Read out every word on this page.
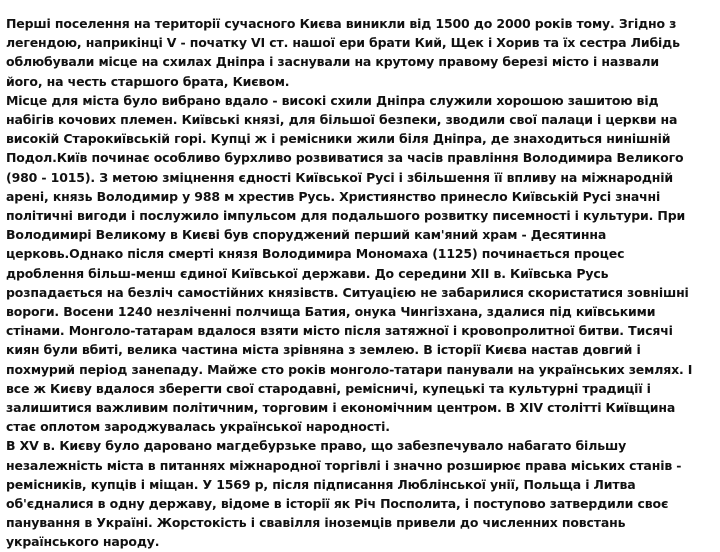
Перші поселення на території сучасного Києва виникли від 1500 до 2000 років тому. Згідно з легендою, наприкінці V - початку VI ст. нашої ери брати Кий, Щек і Хорив та їх сестра Либідь облюбували місце на схилах Дніпра і заснували на крутому правому березі місто і назвали його, на честь старшого брата, Києвом.

Місце для міста було вибрано вдало - високі схили Дніпра служили хорошою зашитою від набігів кочових племен. Київські князі, для більшої безпеки, зводили свої палаци і церкви на високій Старокиївській горі. Купці ж і ремісники жили біля Дніпра, де знаходиться нинішній Подол.Київ починає особливо бурхливо розвиватися за часів правління Володимира Великого (980 - 1015). З метою зміцнення єдності Київської Русі і збільшення її впливу на міжнародній арені, князь Володимир у 988 м хрестив Русь. Християнство принесло Київській Русі значні політичні вигоди і послужило імпульсом для подальшого розвитку писемності і культури. При Володимирі Великому в Києві був споруджений перший кам'яний храм - Десятинна церковь.Однако після смерті князя Володимира Мономаха (1125) починається процес дроблення більш-менш єдиної Київської держави. До середини XII в. Київська Русь розпадається на безліч самостійних князівств. Ситуацією не забарилися скористатися зовнішні вороги. Восени 1240 незліченні полчища Батия, онука Чингізхана, здалися під київськими стінами. Монголо-татарам вдалося взяти місто після затяжної і кровопролитної битви. Тисячі киян були вбиті, велика частина міста зрівняна з землею. В історії Києва настав довгий і похмурий період занепаду. Майже сто років монголо-татари панували на українських землях. І все ж Києву вдалося зберегти свої стародавні, ремісничі, купецькі та культурні традиції і залишитися важливим політичним, торговим і економічним центром. В XIV столітті Київщина стає оплотом зароджувалась української народності.

В XV в. Києву було даровано магдебурзьке право, що забезпечувало набагато більшу незалежність міста в питаннях міжнародної торгівлі і значно розширює права міських станів - ремісників, купців і міщан. У 1569 р, після підписання Люблінської унії, Польща і Литва об'єдналися в одну державу, відоме в історії як Річ Посполита, і поступово затвердили своє панування в Україні. Жорстокість і свавілля іноземців привели до численних повстань українського народу.
